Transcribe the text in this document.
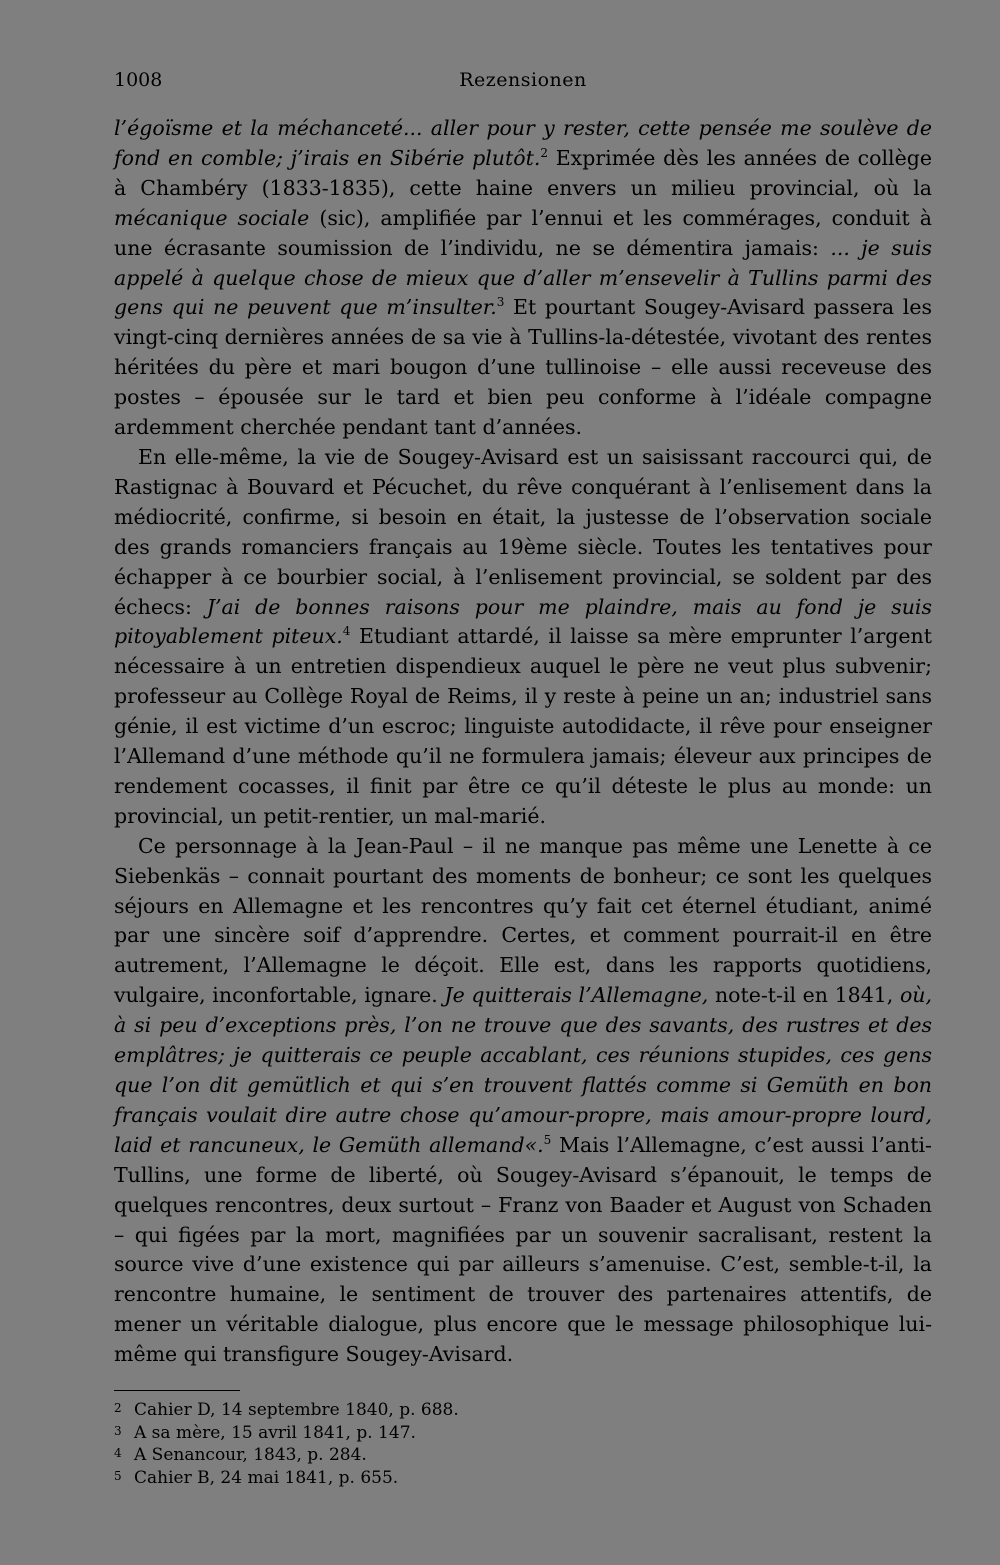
1008	Rezensionen

l’égoïsme et la méchanceté... aller pour y rester, cette pensée me soulève de fond en comble; j’irais en Sibérie plutôt.$^2$ Exprimée dès les années de collège à Chambéry (1833-1835), cette haine envers un milieu provincial, où la mécanique sociale (sic), amplifiée par l’ennui et les commérages, conduit à une écrasante soumission de l’individu, ne se démentira jamais: ... je suis appelé à quelque chose de mieux que d’aller m’ensevelir à Tullins parmi des gens qui ne peuvent que m’insulter.$^3$ Et pourtant Sougey-Avisard passera les vingt-cinq dernières années de sa vie à Tullins-la-détestée, vivotant des rentes héritées du père et mari bougon d’une tullinoise – elle aussi receveuse des postes – épousée sur le tard et bien peu conforme à l’idéale compagne ardemment cherchée pendant tant d’années.

En elle-même, la vie de Sougey-Avisard est un saisissant raccourci qui, de Rastignac à Bouvard et Pécuchet, du rêve conquérant à l’enlisement dans la médiocrité, confirme, si besoin en était, la justesse de l’observation sociale des grands romanciers français au 19ème siècle. Toutes les tentatives pour échapper à ce bourbier social, à l’enlisement provincial, se soldent par des échecs: J’ai de bonnes raisons pour me plaindre, mais au fond je suis pitoyablement piteux.$^4$ Etudiant attardé, il laisse sa mère emprunter l’argent nécessaire à un entretien dispendieux auquel le père ne veut plus subvenir; professeur au Collège Royal de Reims, il y reste à peine un an; industriel sans génie, il est victime d’un escroc; linguiste autodidacte, il rêve pour enseigner l’Allemand d’une méthode qu’il ne formulera jamais; éleveur aux principes de rendement cocasses, il finit par être ce qu’il déteste le plus au monde: un provincial, un petit-rentier, un mal-marié.

Ce personnage à la Jean-Paul – il ne manque pas même une Lenette à ce Siebenkäs – connait pourtant des moments de bonheur; ce sont les quelques séjours en Allemagne et les rencontres qu’y fait cet éternel étudiant, animé par une sincère soif d’apprendre. Certes, et comment pourrait-il en être autrement, l’Allemagne le déçoit. Elle est, dans les rapports quotidiens, vulgaire, inconfortable, ignare. Je quitterais l’Allemagne, note-t-il en 1841, où, à si peu d’exceptions près, l’on ne trouve que des savants, des rustres et des emplâtres; je quitterais ce peuple accablant, ces réunions stupides, ces gens que l’on dit gemütlich et qui s’en trouvent flattés comme si Gemüth en bon français voulait dire autre chose qu’amour-propre, mais amour-propre lourd, laid et rancuneux, le Gemüth allemand«.$^5$ Mais l’Allemagne, c’est aussi l’anti-Tullins, une forme de liberté, où Sougey-Avisard s’épanouit, le temps de quelques rencontres, deux surtout – Franz von Baader et August von Schaden – qui figées par la mort, magnifiées par un souvenir sacralisant, restent la source vive d’une existence qui par ailleurs s’amenuise. C’est, semble-t-il, la rencontre humaine, le sentiment de trouver des partenaires attentifs, de mener un véritable dialogue, plus encore que le message philosophique lui-même qui transfigure Sougey-Avisard.

2 Cahier D, 14 septembre 1840, p. 688.
3 A sa mère, 15 avril 1841, p. 147.
4 A Senancour, 1843, p. 284.
5 Cahier B, 24 mai 1841, p. 655.
